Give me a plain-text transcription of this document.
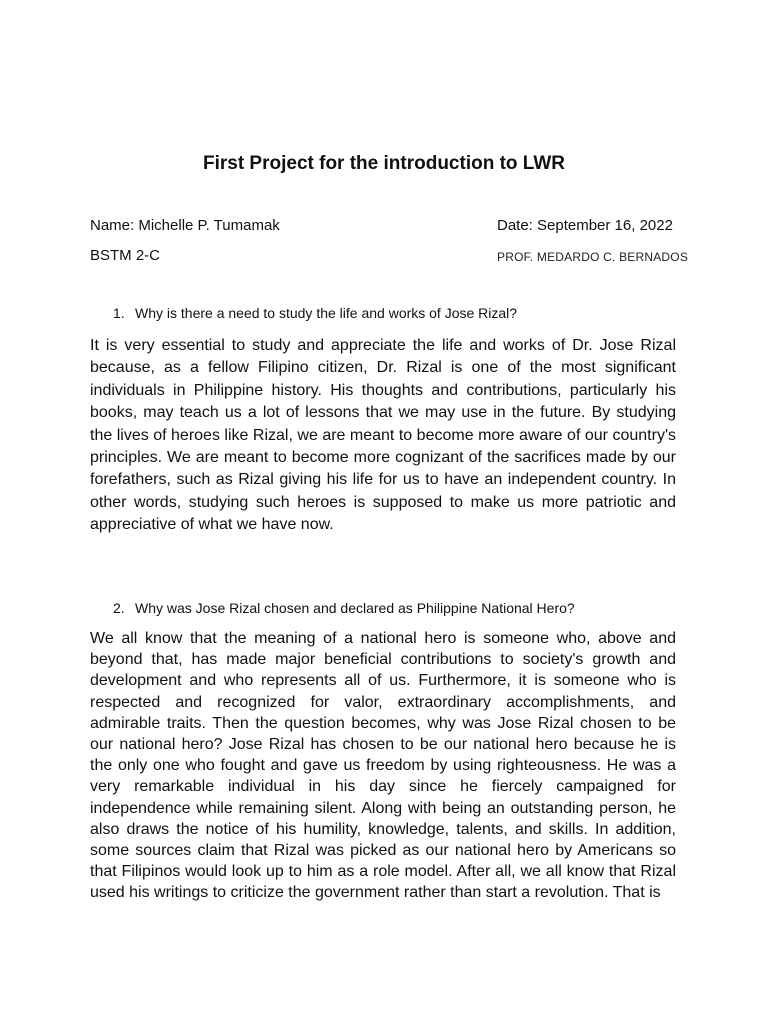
First Project for the introduction to LWR
Name: Michelle P. Tumamak	Date: September 16, 2022
BSTM 2-C	PROF. MEDARDO C. BERNADOS
1. Why is there a need to study the life and works of Jose Rizal?

It is very essential to study and appreciate the life and works of Dr. Jose Rizal because, as a fellow Filipino citizen, Dr. Rizal is one of the most significant individuals in Philippine history. His thoughts and contributions, particularly his books, may teach us a lot of lessons that we may use in the future. By studying the lives of heroes like Rizal, we are meant to become more aware of our country's principles. We are meant to become more cognizant of the sacrifices made by our forefathers, such as Rizal giving his life for us to have an independent country. In other words, studying such heroes is supposed to make us more patriotic and appreciative of what we have now.

2. Why was Jose Rizal chosen and declared as Philippine National Hero?

We all know that the meaning of a national hero is someone who, above and beyond that, has made major beneficial contributions to society's growth and development and who represents all of us. Furthermore, it is someone who is respected and recognized for valor, extraordinary accomplishments, and admirable traits. Then the question becomes, why was Jose Rizal chosen to be our national hero? Jose Rizal has chosen to be our national hero because he is the only one who fought and gave us freedom by using righteousness. He was a very remarkable individual in his day since he fiercely campaigned for independence while remaining silent. Along with being an outstanding person, he also draws the notice of his humility, knowledge, talents, and skills. In addition, some sources claim that Rizal was picked as our national hero by Americans so that Filipinos would look up to him as a role model. After all, we all know that Rizal used his writings to criticize the government rather than start a revolution. That is
